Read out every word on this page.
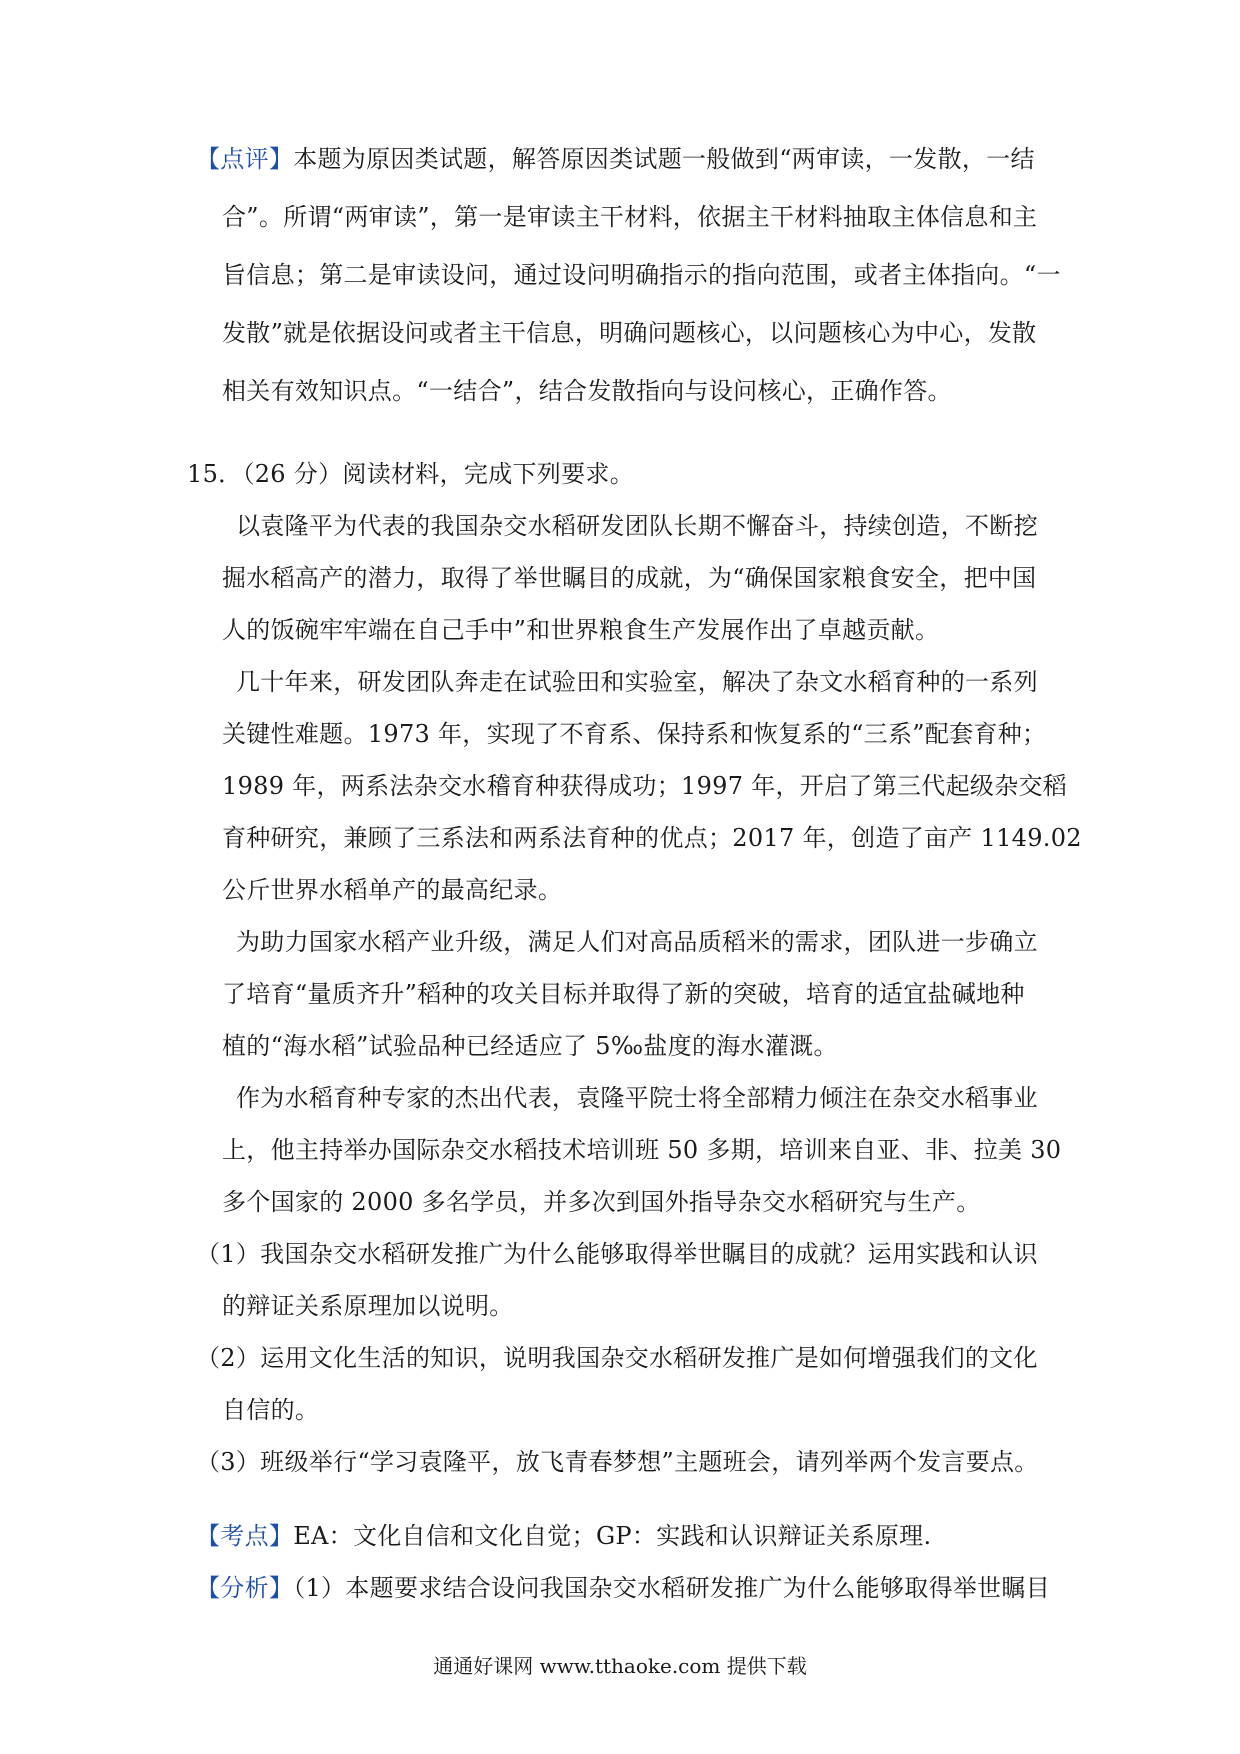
【点评】本题为原因类试题，解答原因类试题一般做到“两审读，一发散，一结
合”。所谓“两审读”，第一是审读主干材料，依据主干材料抽取主体信息和主
旨信息；第二是审读设问，通过设问明确指示的指向范围，或者主体指向。“一
发散”就是依据设问或者主干信息，明确问题核心，以问题核心为中心，发散
相关有效知识点。“一结合”，结合发散指向与设问核心，正确作答。
15．（26 分）阅读材料，完成下列要求。
以袁隆平为代表的我国杂交水稻研发团队长期不懈奋斗，持续创造，不断挖
掘水稻高产的潜力，取得了举世瞩目的成就，为“确保国家粮食安全，把中国
人的饭碗牢牢端在自己手中”和世界粮食生产发展作出了卓越贡献。
几十年来，研发团队奔走在试验田和实验室，解决了杂文水稻育种的一系列
关键性难题。1973 年，实现了不育系、保持系和恢复系的“三系”配套育种；
1989 年，两系法杂交水稽育种获得成功；1997 年，开启了第三代起级杂交稻
育种研究，兼顾了三系法和两系法育种的优点；2017 年，创造了亩产 1149.02
公斤世界水稻单产的最高纪录。
为助力国家水稻产业升级，满足人们对高品质稻米的需求，团队进一步确立
了培育“量质齐升”稻种的攻关目标并取得了新的突破，培育的适宜盐碱地种
植的“海水稻”试验品种已经适应了 5‰盐度的海水灌溉。
作为水稻育种专家的杰出代表，袁隆平院士将全部精力倾注在杂交水稻事业
上，他主持举办国际杂交水稻技术培训班 50 多期，培训来自亚、非、拉美 30
多个国家的 2000 多名学员，并多次到国外指导杂交水稻研究与生产。
（1）我国杂交水稻研发推广为什么能够取得举世瞩目的成就？运用实践和认识
的辩证关系原理加以说明。
（2）运用文化生活的知识，说明我国杂交水稻研发推广是如何增强我们的文化
自信的。
（3）班级举行“学习袁隆平，放飞青春梦想”主题班会，请列举两个发言要点。
【考点】EA：文化自信和文化自觉；GP：实践和认识辩证关系原理.
【分析】（1）本题要求结合设问我国杂交水稻研发推广为什么能够取得举世瞩目
通通好课网 www.tthaoke.com 提供下载
